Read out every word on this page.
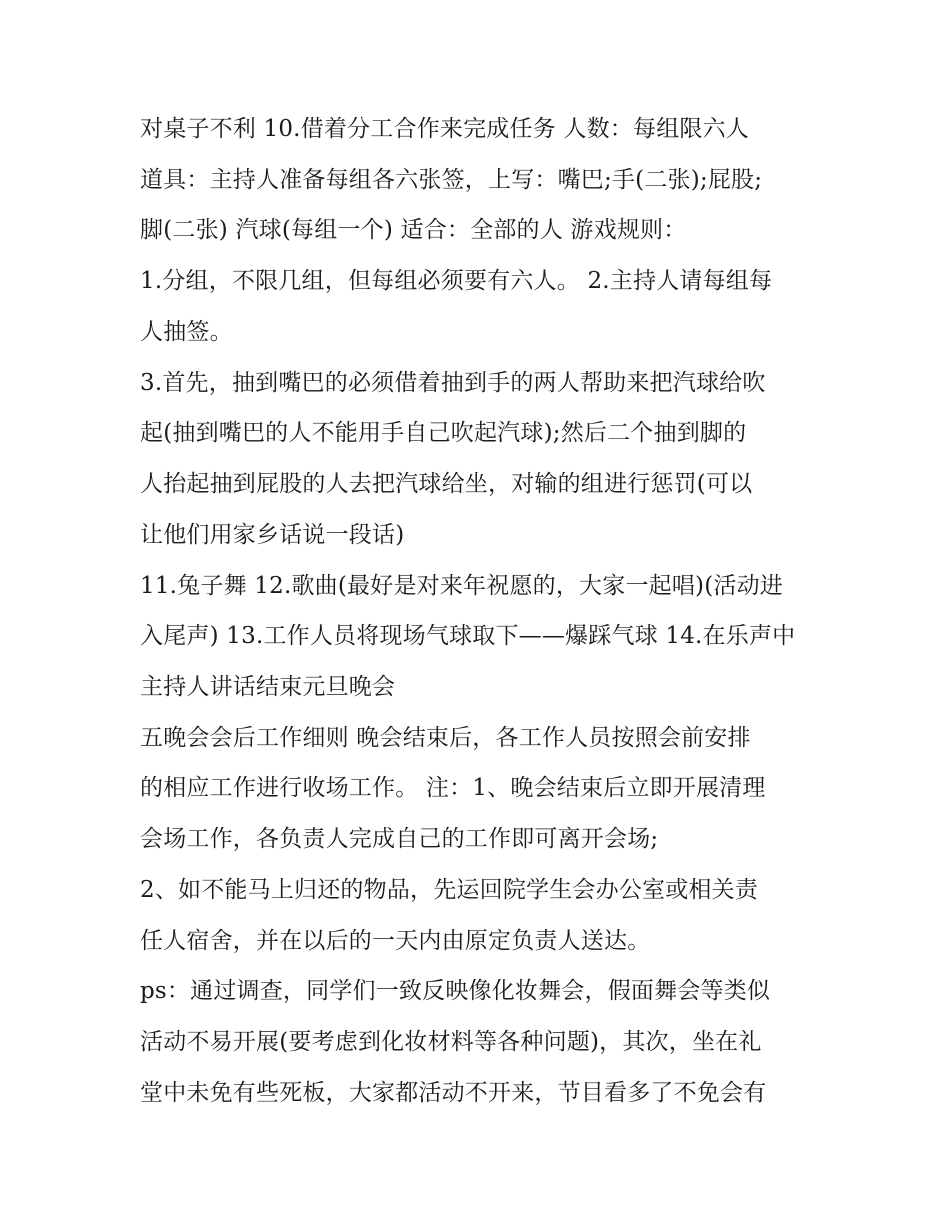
对桌子不利 10.借着分工合作来完成任务 人数：每组限六人

道具：主持人准备每组各六张签，上写：嘴巴;手(二张);屁股;

脚(二张) 汽球(每组一个) 适合：全部的人 游戏规则：

1.分组，不限几组，但每组必须要有六人。 2.主持人请每组每

人抽签。

3.首先，抽到嘴巴的必须借着抽到手的两人帮助来把汽球给吹

起(抽到嘴巴的人不能用手自己吹起汽球);然后二个抽到脚的

人抬起抽到屁股的人去把汽球给坐，对输的组进行惩罚(可以

让他们用家乡话说一段话)

11.兔子舞 12.歌曲(最好是对来年祝愿的，大家一起唱)(活动进

入尾声) 13.工作人员将现场气球取下——爆踩气球 14.在乐声中

主持人讲话结束元旦晚会

五晚会会后工作细则 晚会结束后，各工作人员按照会前安排

的相应工作进行收场工作。 注：1、晚会结束后立即开展清理

会场工作，各负责人完成自己的工作即可离开会场;

2、如不能马上归还的物品，先运回院学生会办公室或相关责

任人宿舍，并在以后的一天内由原定负责人送达。

ps：通过调查，同学们一致反映像化妆舞会，假面舞会等类似

活动不易开展(要考虑到化妆材料等各种问题)，其次，坐在礼

堂中未免有些死板，大家都活动不开来，节目看多了不免会有
